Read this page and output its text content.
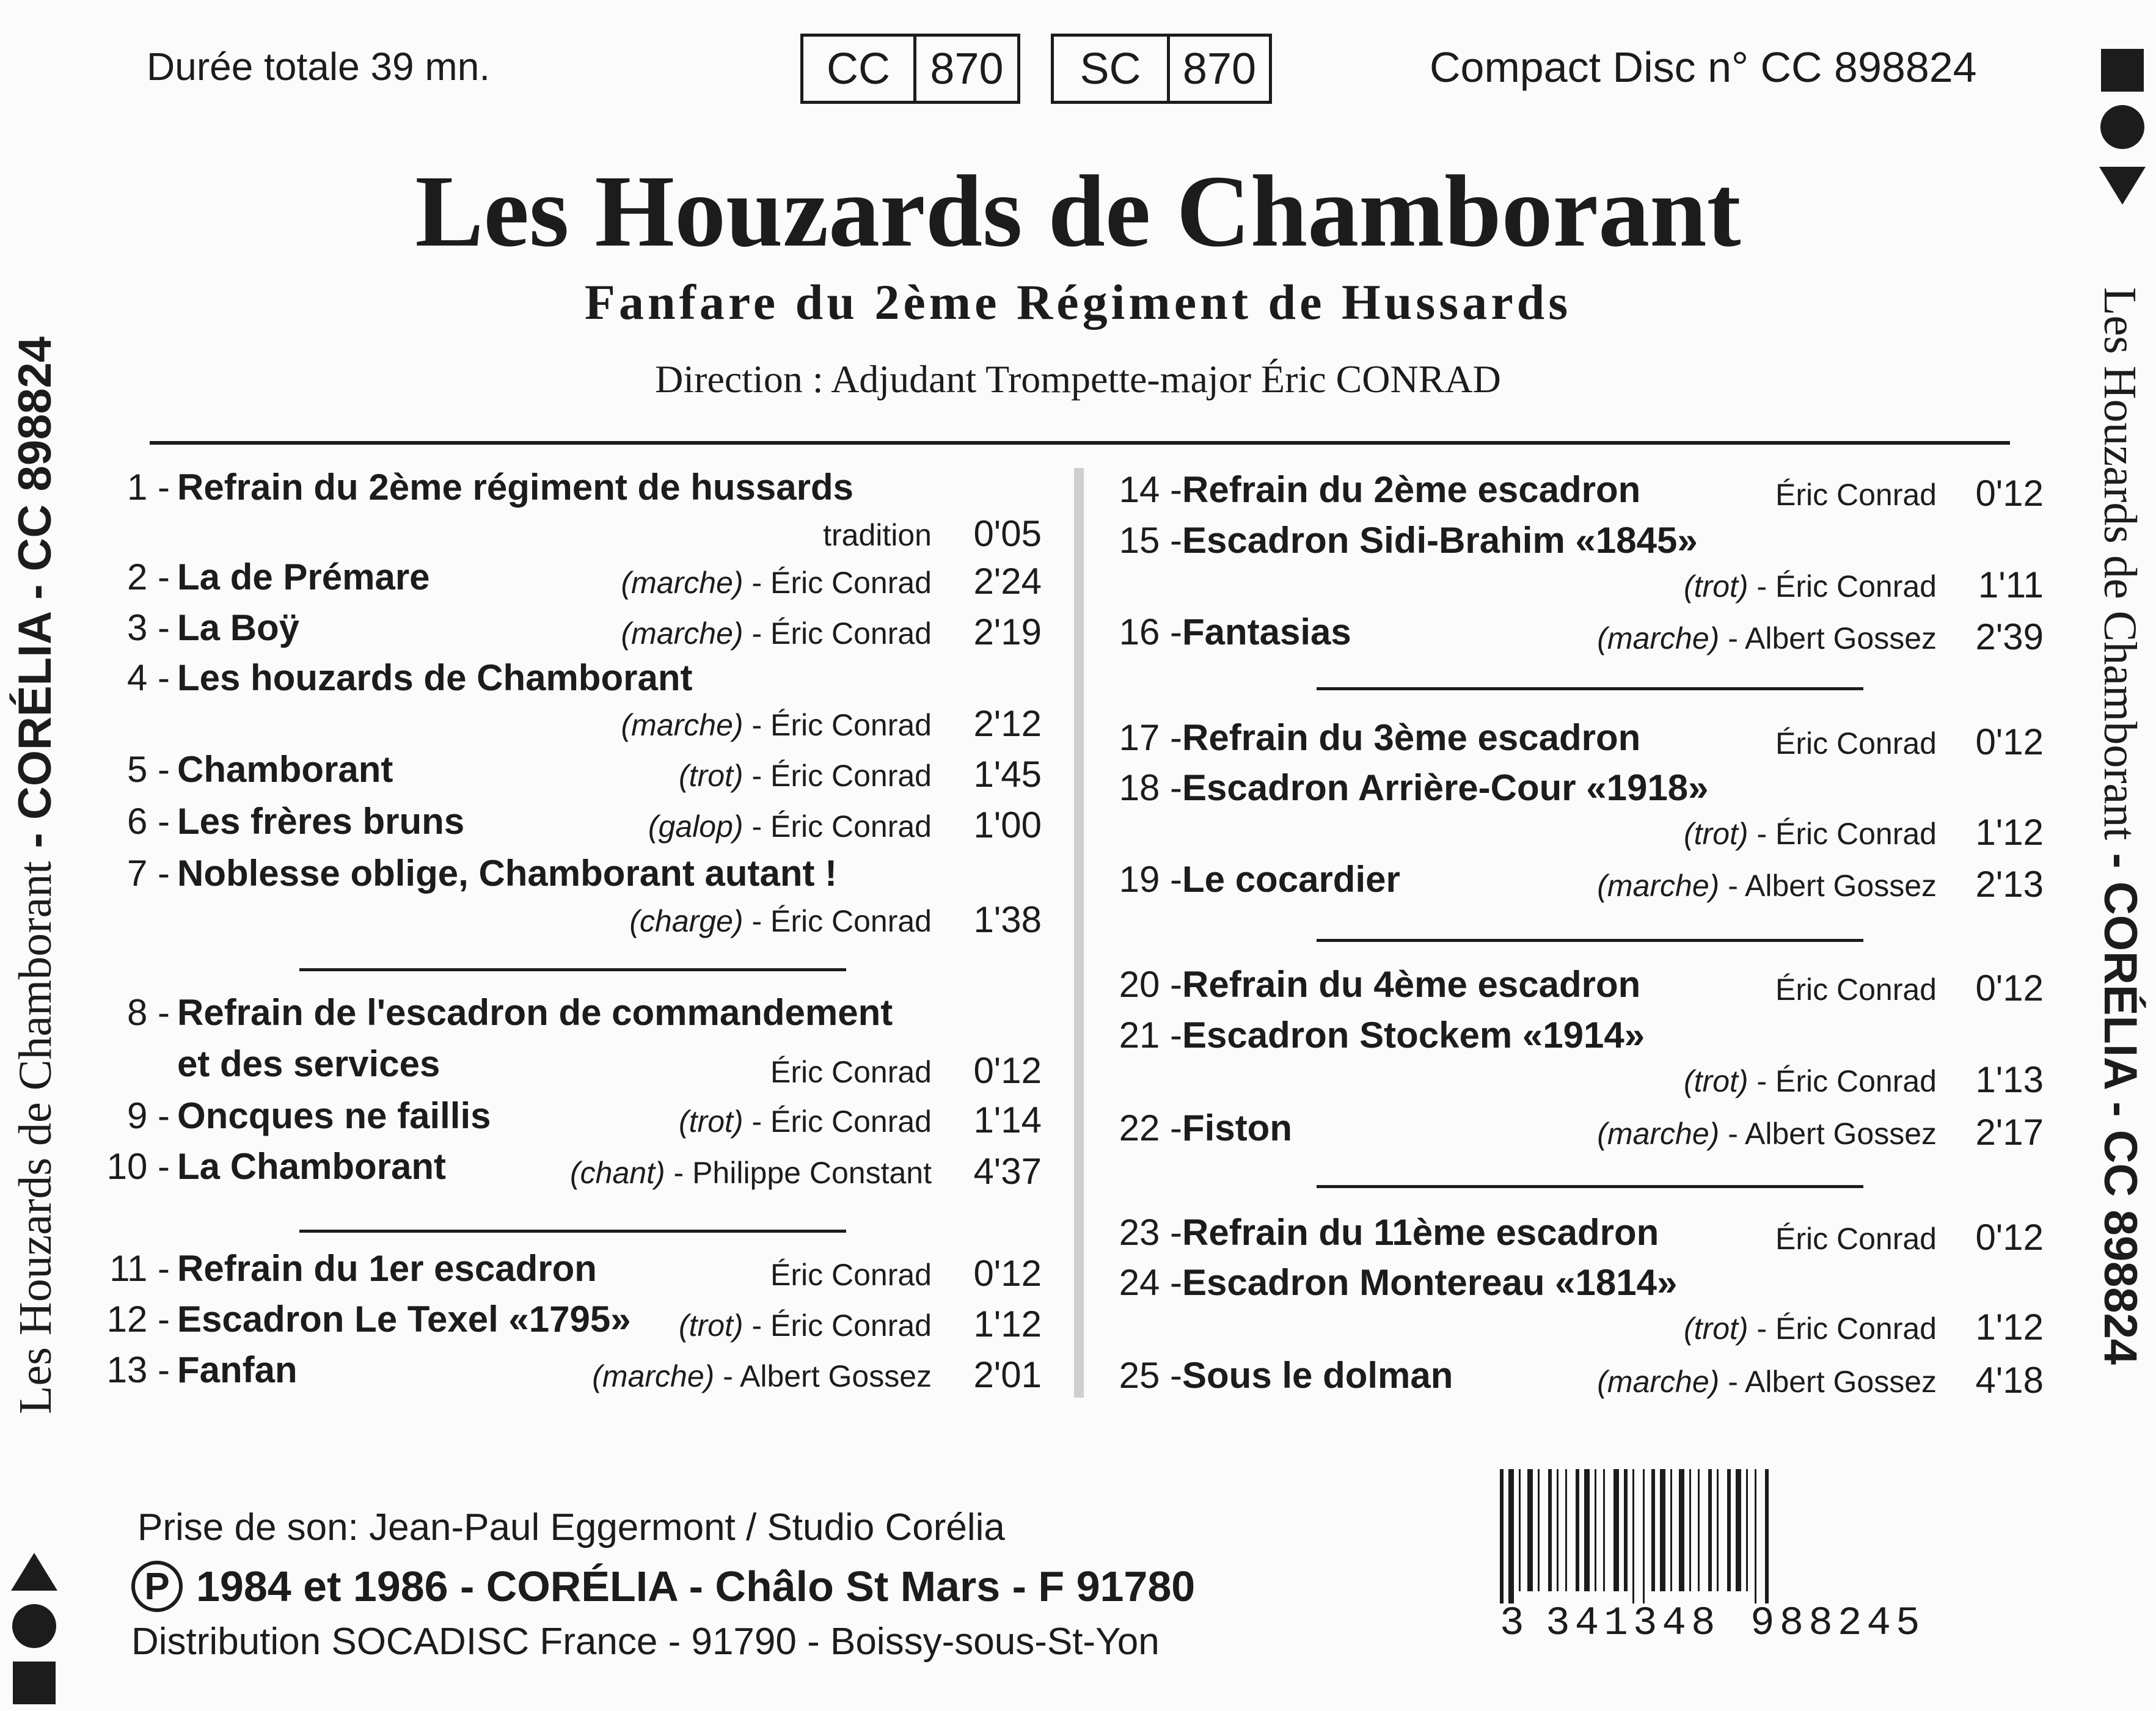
Durée totale 39 mn.	CC 870	SC 870	Compact Disc n° CC 898824
Les Houzards de Chamborant
Fanfare du 2ème Régiment de Hussards
Direction : Adjudant Trompette-major Éric CONRAD
1 - Refrain du 2ème régiment de hussards
tradition	0'05
2 - La de Prémare	(marche) - Éric Conrad	2'24
3 - La Boÿ	(marche) - Éric Conrad	2'19
4 - Les houzards de Chamborant
(marche) - Éric Conrad	2'12
5 - Chamborant	(trot) - Éric Conrad	1'45
6 - Les frères bruns	(galop) - Éric Conrad	1'00
7 - Noblesse oblige, Chamborant autant !
(charge) - Éric Conrad	1'38
8 - Refrain de l'escadron de commandement
et des services	Éric Conrad	0'12
9 - Oncques ne faillis	(trot) - Éric Conrad	1'14
10 - La Chamborant	(chant) - Philippe Constant	4'37
11 - Refrain du 1er escadron	Éric Conrad	0'12
12 - Escadron Le Texel «1795»	(trot) - Éric Conrad	1'12
13 - Fanfan	(marche) - Albert Gossez	2'01
14 - Refrain du 2ème escadron	Éric Conrad	0'12
15 - Escadron Sidi-Brahim «1845»
(trot) - Éric Conrad	1'11
16 - Fantasias	(marche) - Albert Gossez	2'39
17 - Refrain du 3ème escadron	Éric Conrad	0'12
18 - Escadron Arrière-Cour «1918»
(trot) - Éric Conrad	1'12
19 - Le cocardier	(marche) - Albert Gossez	2'13
20 - Refrain du 4ème escadron	Éric Conrad	0'12
21 - Escadron Stockem «1914»
(trot) - Éric Conrad	1'13
22 - Fiston	(marche) - Albert Gossez	2'17
23 - Refrain du 11ème escadron	Éric Conrad	0'12
24 - Escadron Montereau «1814»
(trot) - Éric Conrad	1'12
25 - Sous le dolman	(marche) - Albert Gossez	4'18
Prise de son: Jean-Paul Eggermont / Studio Corélia
P 1984 et 1986 - CORÉLIA - Châlo St Mars - F 91780
Distribution SOCADISC France - 91790 - Boissy-sous-St-Yon	3 341348 988245
Les Houzards de Chamborant - CORÉLIA - CC 898824	Les Houzards de Chamborant - CORÉLIA - CC 898824
